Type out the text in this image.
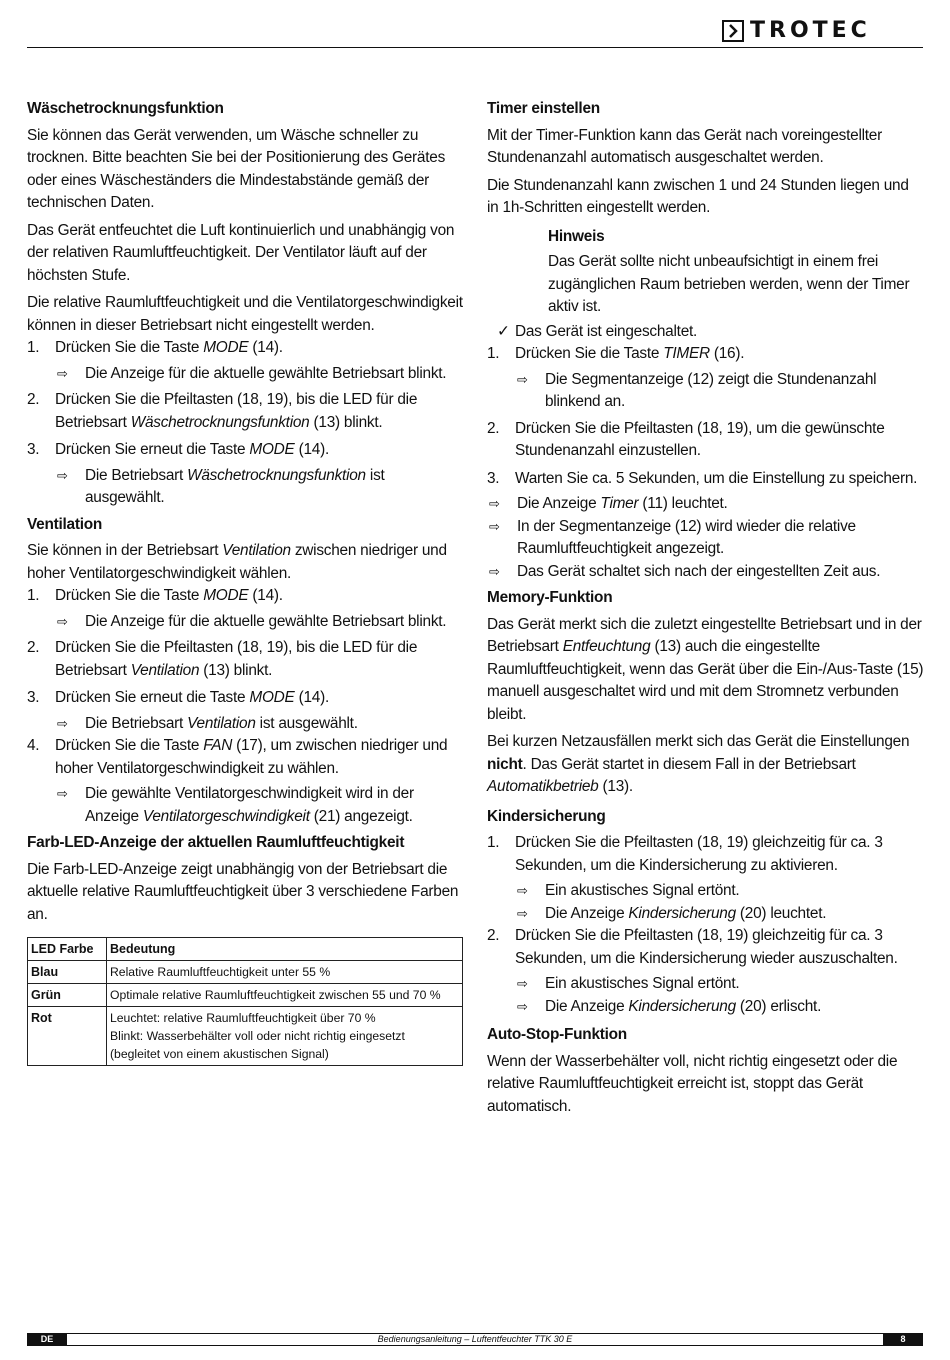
TROTEC
Wäschetrocknungsfunktion
Sie können das Gerät verwenden, um Wäsche schneller zu trocknen. Bitte beachten Sie bei der Positionierung des Gerätes oder eines Wäscheständers die Mindestabstände gemäß der technischen Daten.
Das Gerät entfeuchtet die Luft kontinuierlich und unabhängig von der relativen Raumluftfeuchtigkeit. Der Ventilator läuft auf der höchsten Stufe.
Die relative Raumluftfeuchtigkeit und die Ventilatorgeschwindigkeit können in dieser Betriebsart nicht eingestellt werden.
1.	Drücken Sie die Taste MODE (14).
⇨	Die Anzeige für die aktuelle gewählte Betriebsart blinkt.
2.	Drücken Sie die Pfeiltasten (18, 19), bis die LED für die Betriebsart Wäschetrocknungsfunktion (13) blinkt.
3.	Drücken Sie erneut die Taste MODE (14).
⇨	Die Betriebsart Wäschetrocknungsfunktion ist ausgewählt.
Ventilation
Sie können in der Betriebsart Ventilation zwischen niedriger und hoher Ventilatorgeschwindigkeit wählen.
1.	Drücken Sie die Taste MODE (14).
⇨	Die Anzeige für die aktuelle gewählte Betriebsart blinkt.
2.	Drücken Sie die Pfeiltasten (18, 19), bis die LED für die Betriebsart Ventilation (13) blinkt.
3.	Drücken Sie erneut die Taste MODE (14).
⇨	Die Betriebsart Ventilation ist ausgewählt.
4.	Drücken Sie die Taste FAN (17), um zwischen niedriger und hoher Ventilatorgeschwindigkeit zu wählen.
⇨	Die gewählte Ventilatorgeschwindigkeit wird in der Anzeige Ventilatorgeschwindigkeit (21) angezeigt.
Farb-LED-Anzeige der aktuellen Raumluftfeuchtigkeit
Die Farb-LED-Anzeige zeigt unabhängig von der Betriebsart die aktuelle relative Raumluftfeuchtigkeit über 3 verschiedene Farben an.
LED Farbe	Bedeutung
Blau	Relative Raumluftfeuchtigkeit unter 55 %
Grün	Optimale relative Raumluftfeuchtigkeit zwischen 55 und 70 %
Rot	Leuchtet: relative Raumluftfeuchtigkeit über 70 %
Blinkt: Wasserbehälter voll oder nicht richtig eingesetzt
(begleitet von einem akustischen Signal)
Timer einstellen
Mit der Timer-Funktion kann das Gerät nach voreingestellter Stundenanzahl automatisch ausgeschaltet werden.
Die Stundenanzahl kann zwischen 1 und 24 Stunden liegen und in 1h-Schritten eingestellt werden.
Hinweis
Das Gerät sollte nicht unbeaufsichtigt in einem frei zugänglichen Raum betrieben werden, wenn der Timer aktiv ist.
✓ Das Gerät ist eingeschaltet.
1.	Drücken Sie die Taste TIMER (16).
⇨	Die Segmentanzeige (12) zeigt die Stundenanzahl blinkend an.
2.	Drücken Sie die Pfeiltasten (18, 19), um die gewünschte Stundenanzahl einzustellen.
3.	Warten Sie ca. 5 Sekunden, um die Einstellung zu speichern.
⇨	Die Anzeige Timer (11) leuchtet.
⇨	In der Segmentanzeige (12) wird wieder die relative Raumluftfeuchtigkeit angezeigt.
⇨	Das Gerät schaltet sich nach der eingestellten Zeit aus.
Memory-Funktion
Das Gerät merkt sich die zuletzt eingestellte Betriebsart und in der Betriebsart Entfeuchtung (13) auch die eingestellte Raumluftfeuchtigkeit, wenn das Gerät über die Ein-/Aus-Taste (15) manuell ausgeschaltet wird und mit dem Stromnetz verbunden bleibt.
Bei kurzen Netzausfällen merkt sich das Gerät die Einstellungen nicht. Das Gerät startet in diesem Fall in der Betriebsart Automatikbetrieb (13).
Kindersicherung
1.	Drücken Sie die Pfeiltasten (18, 19) gleichzeitig für ca. 3 Sekunden, um die Kindersicherung zu aktivieren.
⇨	Ein akustisches Signal ertönt.
⇨	Die Anzeige Kindersicherung (20) leuchtet.
2.	Drücken Sie die Pfeiltasten (18, 19) gleichzeitig für ca. 3 Sekunden, um die Kindersicherung wieder auszuschalten.
⇨	Ein akustisches Signal ertönt.
⇨	Die Anzeige Kindersicherung (20) erlischt.
Auto-Stop-Funktion
Wenn der Wasserbehälter voll, nicht richtig eingesetzt oder die relative Raumluftfeuchtigkeit erreicht ist, stoppt das Gerät automatisch.
DE	Bedienungsanleitung – Luftentfeuchter TTK 30 E	8
